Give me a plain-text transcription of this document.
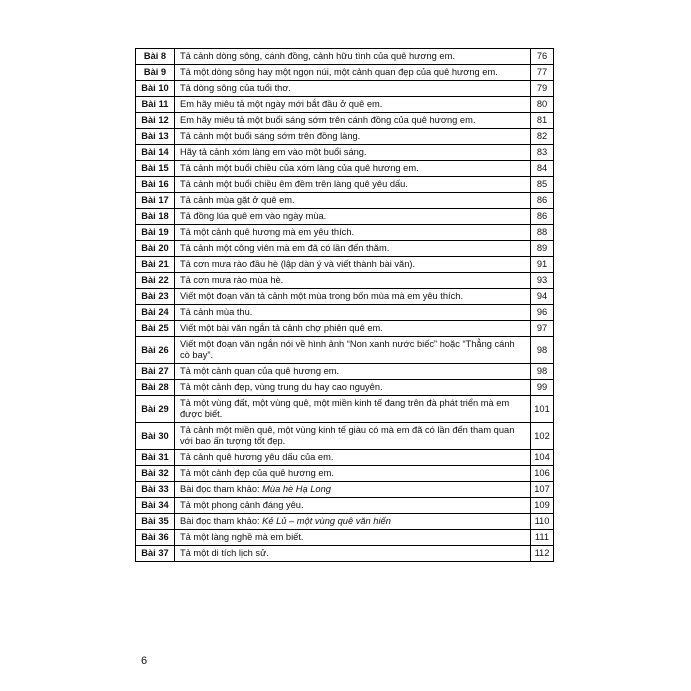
Bài 8	Tả cảnh dòng sông, cánh đồng, cảnh hữu tình của quê hương em.	76
Bài 9	Tả một dòng sông hay một ngọn núi, một cảnh quan đẹp của quê hương em.	77
Bài 10	Tả dòng sông của tuổi thơ.	79
Bài 11	Em hãy miêu tả một ngày mới bắt đầu ở quê em.	80
Bài 12	Em hãy miêu tả một buổi sáng sớm trên cánh đồng của quê hương em.	81
Bài 13	Tả cảnh một buổi sáng sớm trên đồng làng.	82
Bài 14	Hãy tả cảnh xóm làng em vào một buổi sáng.	83
Bài 15	Tả cảnh một buổi chiều của xóm làng của quê hương em.	84
Bài 16	Tả cảnh một buổi chiều êm đềm trên làng quê yêu dấu.	85
Bài 17	Tả cảnh mùa gặt ở quê em.	86
Bài 18	Tả đồng lúa quê em vào ngày mùa.	86
Bài 19	Tả một cảnh quê hương mà em yêu thích.	88
Bài 20	Tả cảnh một công viên mà em đã có lần đến thăm.	89
Bài 21	Tả cơn mưa rào đầu hè (lập dàn ý và viết thành bài văn).	91
Bài 22	Tả cơn mưa rào mùa hè.	93
Bài 23	Viết một đoạn văn tả cảnh một mùa trong bốn mùa mà em yêu thích.	94
Bài 24	Tả cảnh mùa thu.	96
Bài 25	Viết một bài văn ngắn tả cảnh chợ phiên quê em.	97
Bài 26	Viết một đoạn văn ngắn nói về hình ảnh “Non xanh nước biếc” hoặc “Thẳng cánh cò bay”.	98
Bài 27	Tả một cảnh quan của quê hương em.	98
Bài 28	Tả một cảnh đẹp, vùng trung du hay cao nguyên.	99
Bài 29	Tả một vùng đất, một vùng quê, một miền kinh tế đang trên đà phát triển mà em được biết.	101
Bài 30	Tả cảnh một miền quê, một vùng kinh tế giàu có mà em đã có lần đến tham quan với bao ấn tượng tốt đẹp.	102
Bài 31	Tả cảnh quê hương yêu dấu của em.	104
Bài 32	Tả một cảnh đẹp của quê hương em.	106
Bài 33	Bài đọc tham khảo: Mùa hè Hạ Long	107
Bài 34	Tả một phong cảnh đáng yêu.	109
Bài 35	Bài đọc tham khảo: Kẻ Lủ – một vùng quê văn hiến	110
Bài 36	Tả một làng nghề mà em biết.	111
Bài 37	Tả một di tích lịch sử.	112
6
